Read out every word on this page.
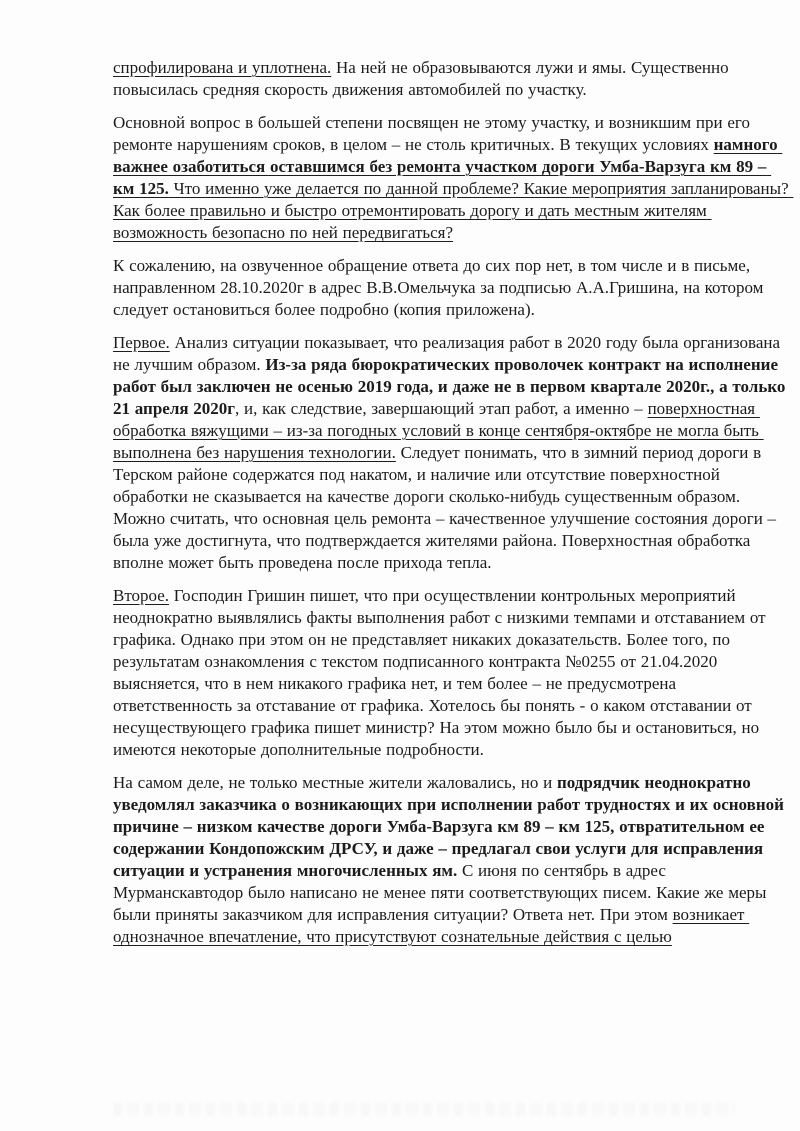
спрофилирована и уплотнена. На ней не образовываются лужи и ямы. Существенно повысилась средняя скорость движения автомобилей по участку.

Основной вопрос в большей степени посвящен не этому участку, и возникшим при его ремонте нарушениям сроков, в целом – не столь критичных. В текущих условиях намного важнее озаботиться оставшимся без ремонта участком дороги Умба-Варзуга км 89 – км 125. Что именно уже делается по данной проблеме? Какие мероприятия запланированы? Как более правильно и быстро отремонтировать дорогу и дать местным жителям возможность безопасно по ней передвигаться?

К сожалению, на озвученное обращение ответа до сих пор нет, в том числе и в письме, направленном 28.10.2020г в адрес В.В.Омельчука за подписью А.А.Гришина, на котором следует остановиться более подробно (копия приложена).

Первое. Анализ ситуации показывает, что реализация работ в 2020 году была организована не лучшим образом. Из-за ряда бюрократических проволочек контракт на исполнение работ был заключен не осенью 2019 года, и даже не в первом квартале 2020г., а только 21 апреля 2020г, и, как следствие, завершающий этап работ, а именно – поверхностная обработка вяжущими – из-за погодных условий в конце сентября-октябре не могла быть выполнена без нарушения технологии. Следует понимать, что в зимний период дороги в Терском районе содержатся под накатом, и наличие или отсутствие поверхностной обработки не сказывается на качестве дороги сколько-нибудь существенным образом. Можно считать, что основная цель ремонта – качественное улучшение состояния дороги – была уже достигнута, что подтверждается жителями района. Поверхностная обработка вполне может быть проведена после прихода тепла.

Второе. Господин Гришин пишет, что при осуществлении контрольных мероприятий неоднократно выявлялись факты выполнения работ с низкими темпами и отставанием от графика. Однако при этом он не представляет никаких доказательств. Более того, по результатам ознакомления с текстом подписанного контракта №0255 от 21.04.2020 выясняется, что в нем никакого графика нет, и тем более – не предусмотрена ответственность за отставание от графика. Хотелось бы понять - о каком отставании от несуществующего графика пишет министр? На этом можно было бы и остановиться, но имеются некоторые дополнительные подробности.

На самом деле, не только местные жители жаловались, но и подрядчик неоднократно уведомлял заказчика о возникающих при исполнении работ трудностях и их основной причине – низком качестве дороги Умба-Варзуга км 89 – км 125, отвратительном ее содержании Кондопожским ДРСУ, и даже – предлагал свои услуги для исправления ситуации и устранения многочисленных ям. С июня по сентябрь в адрес Мурманскавтодор было написано не менее пяти соответствующих писем. Какие же меры были приняты заказчиком для исправления ситуации? Ответа нет. При этом возникает однозначное впечатление, что присутствуют сознательные действия с целью
